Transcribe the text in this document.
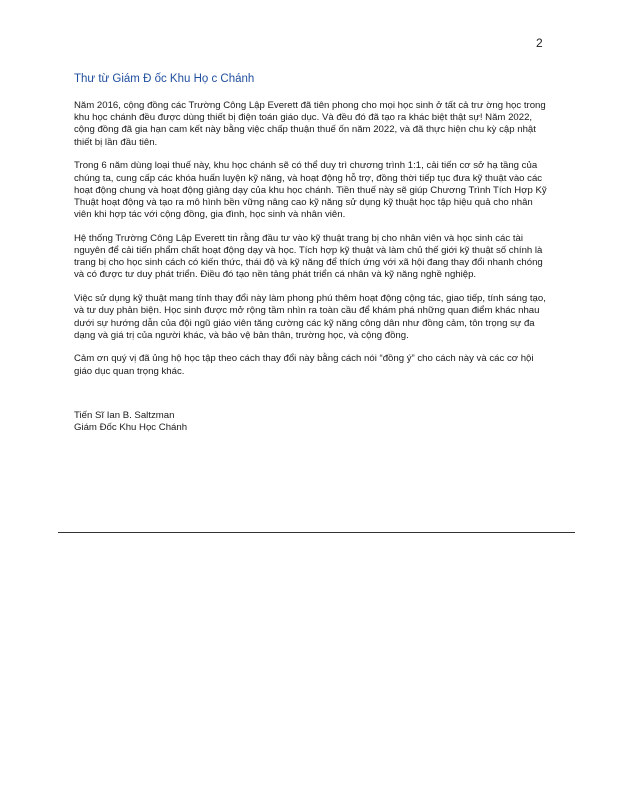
2
Thư từ Giám Đ ốc Khu Họ c Chánh

Năm 2016, cộng đồng các Trường Công Lập Everett đã tiên phong cho mọi học sinh ở tất cả trư ờng học trong khu học chánh đều được dùng thiết bị điện toán giáo dục. Và đều đó đã tạo ra khác biệt thật sự! Năm 2022, cộng đồng đã gia hạn cam kết này bằng việc chấp thuận thuế ốn năm 2022, và đã thực hiện chu kỳ cập nhật thiết bị lần đầu tiên.

Trong 6 năm dùng loại thuế này, khu học chánh sẽ có thể duy trì chương trình 1:1, cải tiến cơ sở hạ tầng của chúng ta, cung cấp các khóa huấn luyện kỹ năng, và hoạt động hỗ trợ, đồng thời tiếp tục đưa kỹ thuật vào các hoạt động chung và hoạt động giảng dạy của khu học chánh. Tiền thuế này sẽ giúp Chương Trình Tích Hợp Kỹ Thuật hoạt động và tạo ra mô hình bền vững nâng cao kỹ năng sử dụng kỹ thuật học tập hiệu quả cho nhân viên khi hợp tác với cộng đồng, gia đình, học sinh và nhân viên.

Hệ thống Trường Công Lập Everett tin rằng đầu tư vào kỹ thuật trang bị cho nhân viên và học sinh các tài nguyên để cải tiến phẩm chất hoạt động dạy và học. Tích hợp kỹ thuật và làm chủ thế giới kỹ thuật số chính là trang bị cho học sinh cách có kiến thức, thái độ và kỹ năng để thích ứng với xã hội đang thay đổi nhanh chóng và có được tư duy phát triển. Điều đó tạo nền tảng phát triển cá nhân và kỹ năng nghề nghiệp.

Việc sử dụng kỹ thuật mang tính thay đổi này làm phong phú thêm hoạt động cộng tác, giao tiếp, tính sáng tạo, và tư duy phản biện. Học sinh được mở rộng tầm nhìn ra toàn cầu để khám phá những quan điểm khác nhau dưới sự hướng dẫn của đội ngũ giáo viên tăng cường các kỹ năng công dân như đồng cảm, tôn trọng sự đa dạng và giá trị của người khác, và bảo vệ bản thân, trường học, và cộng đồng.

Cảm ơn quý vị đã ủng hộ học tập theo cách thay đổi này bằng cách nói “đồng ý” cho cách này và các cơ hội giáo dục quan trọng khác.

Tiến Sĩ Ian B. Saltzman
Giám Đốc Khu Học Chánh
